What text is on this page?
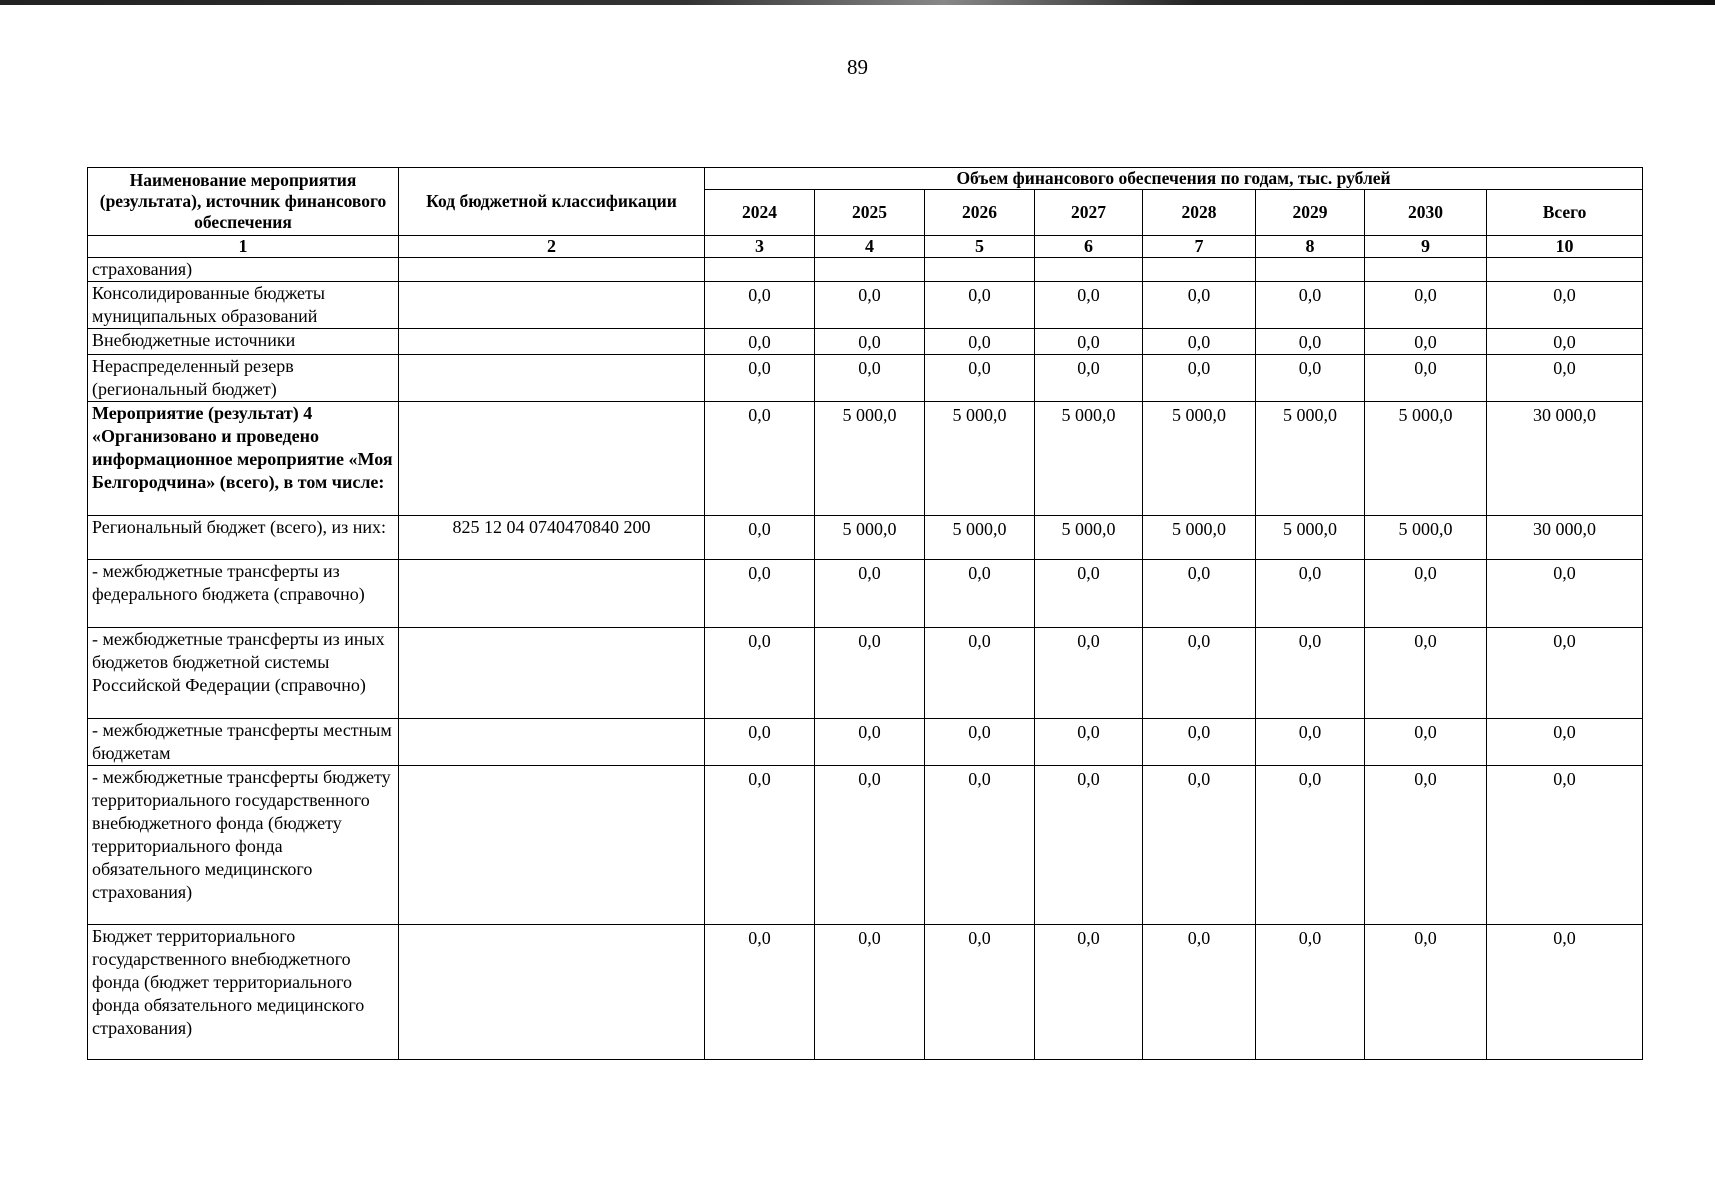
89
Наименование мероприятия (результата), источник финансового обеспечения	Код бюджетной классификации	Объем финансового обеспечения по годам, тыс. рублей							
		2024	2025	2026	2027	2028	2029	2030	Всего
1	2	3	4	5	6	7	8	9	10
страхования)									
Консолидированные бюджеты муниципальных образований		0,0	0,0	0,0	0,0	0,0	0,0	0,0	0,0
Внебюджетные источники		0,0	0,0	0,0	0,0	0,0	0,0	0,0	0,0
Нераспределенный резерв (региональный бюджет)		0,0	0,0	0,0	0,0	0,0	0,0	0,0	0,0
Мероприятие (результат) 4 «Организовано и проведено информационное мероприятие «Моя Белгородчина» (всего), в том числе:		0,0	5 000,0	5 000,0	5 000,0	5 000,0	5 000,0	5 000,0	30 000,0
Региональный бюджет (всего), из них:	825 12 04 0740470840 200	0,0	5 000,0	5 000,0	5 000,0	5 000,0	5 000,0	5 000,0	30 000,0
- межбюджетные трансферты из федерального бюджета (справочно)		0,0	0,0	0,0	0,0	0,0	0,0	0,0	0,0
- межбюджетные трансферты из иных бюджетов бюджетной системы Российской Федерации (справочно)		0,0	0,0	0,0	0,0	0,0	0,0	0,0	0,0
- межбюджетные трансферты местным бюджетам		0,0	0,0	0,0	0,0	0,0	0,0	0,0	0,0
- межбюджетные трансферты бюджету территориального государственного внебюджетного фонда (бюджету территориального фонда обязательного медицинского страхования)		0,0	0,0	0,0	0,0	0,0	0,0	0,0	0,0
Бюджет территориального государственного внебюджетного фонда (бюджет территориального фонда обязательного медицинского страхования)		0,0	0,0	0,0	0,0	0,0	0,0	0,0	0,0
